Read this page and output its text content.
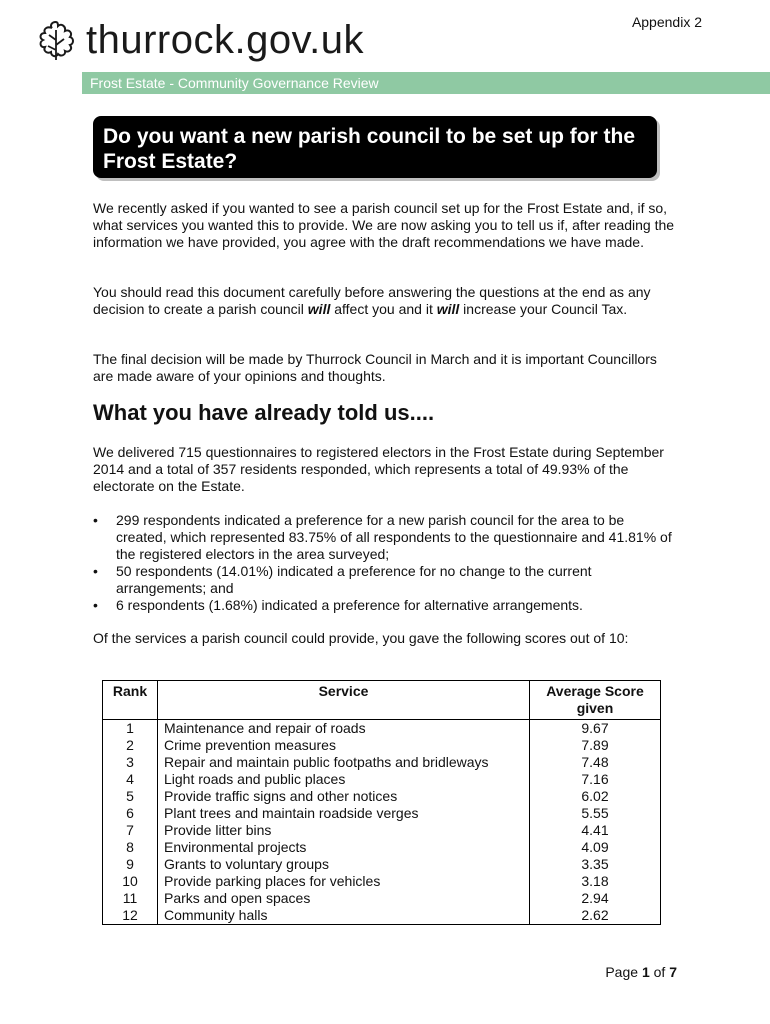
Appendix 2
thurrock.gov.uk
Frost Estate - Community Governance Review
Do you want a new parish council to be set up for the Frost Estate?

We recently asked if you wanted to see a parish council set up for the Frost Estate and, if so, what services you wanted this to provide. We are now asking you to tell us if, after reading the information we have provided, you agree with the draft recommendations we have made.

You should read this document carefully before answering the questions at the end as any decision to create a parish council will affect you and it will increase your Council Tax.

The final decision will be made by Thurrock Council in March and it is important Councillors are made aware of your opinions and thoughts.

What you have already told us....

We delivered 715 questionnaires to registered electors in the Frost Estate during September 2014 and a total of 357 residents responded, which represents a total of 49.93% of the electorate on the Estate.

• 299 respondents indicated a preference for a new parish council for the area to be created, which represented 83.75% of all respondents to the questionnaire and 41.81% of the registered electors in the area surveyed;
• 50 respondents (14.01%) indicated a preference for no change to the current arrangements; and
• 6 respondents (1.68%) indicated a preference for alternative arrangements.

Of the services a parish council could provide, you gave the following scores out of 10:

Rank	Service	Average Score given
1	Maintenance and repair of roads	9.67
2	Crime prevention measures	7.89
3	Repair and maintain public footpaths and bridleways	7.48
4	Light roads and public places	7.16
5	Provide traffic signs and other notices	6.02
6	Plant trees and maintain roadside verges	5.55
7	Provide litter bins	4.41
8	Environmental projects	4.09
9	Grants to voluntary groups	3.35
10	Provide parking places for vehicles	3.18
11	Parks and open spaces	2.94
12	Community halls	2.62
Page 1 of 7
